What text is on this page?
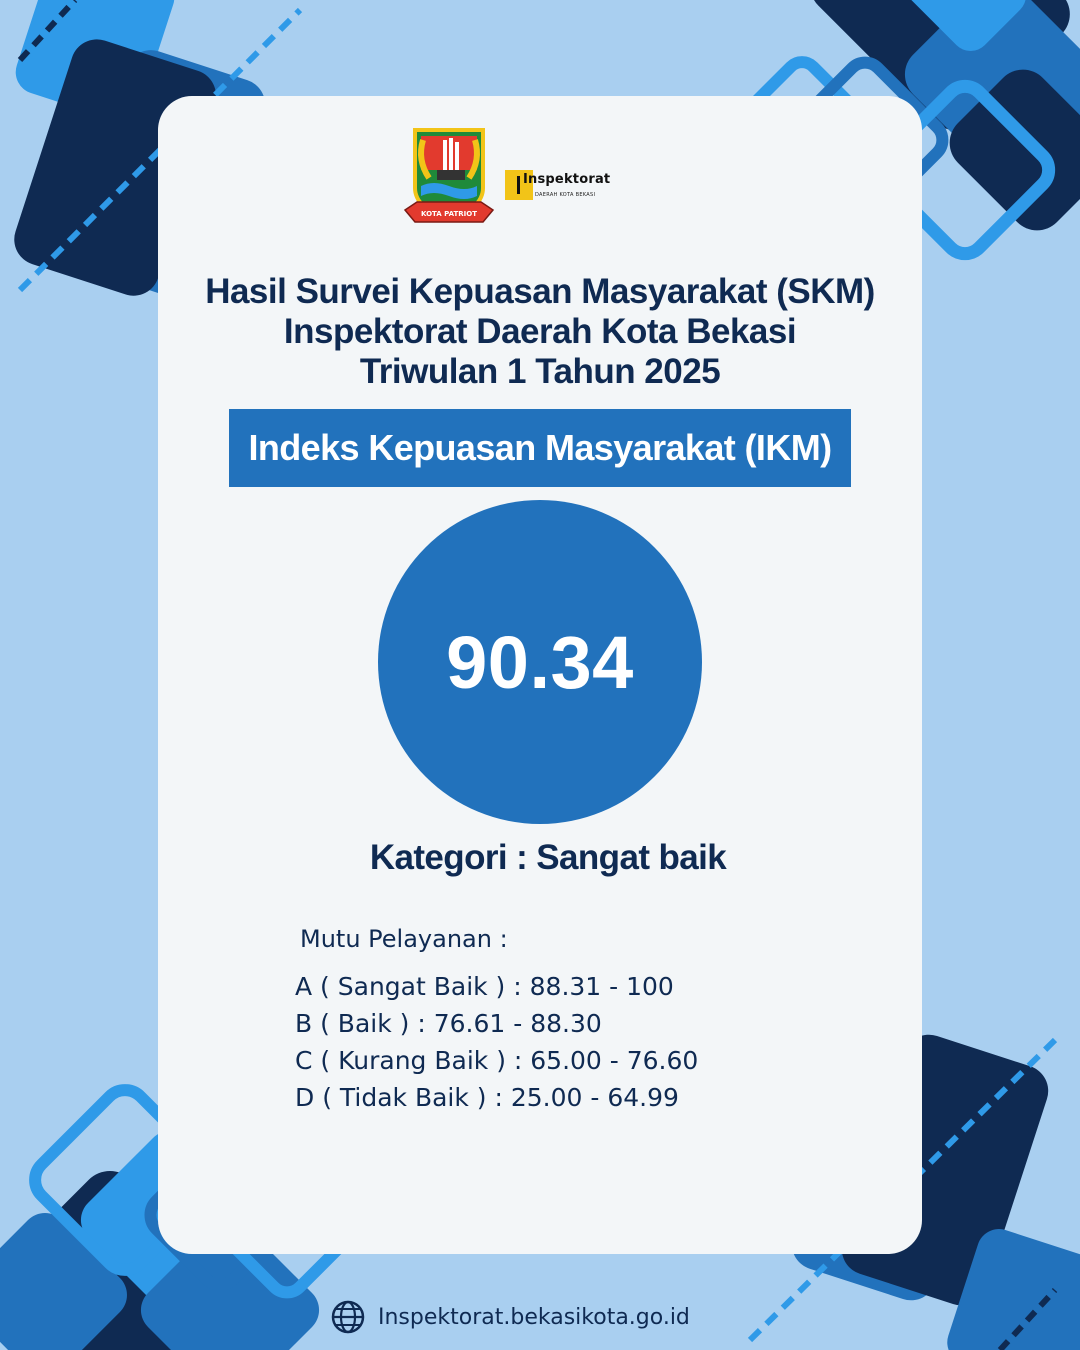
KOTA PATRIOT
Inspektorat
DAERAH KOTA BEKASI
Hasil Survei Kepuasan Masyarakat (SKM)
Inspektorat Daerah Kota Bekasi
Triwulan 1 Tahun 2025
Indeks Kepuasan Masyarakat (IKM)
90.34
Kategori : Sangat baik
Mutu Pelayanan :
A ( Sangat Baik ) : 88.31 - 100
B ( Baik ) : 76.61 - 88.30
C ( Kurang Baik ) : 65.00 - 76.60
D ( Tidak Baik ) : 25.00 - 64.99
Inspektorat.bekasikota.go.id
